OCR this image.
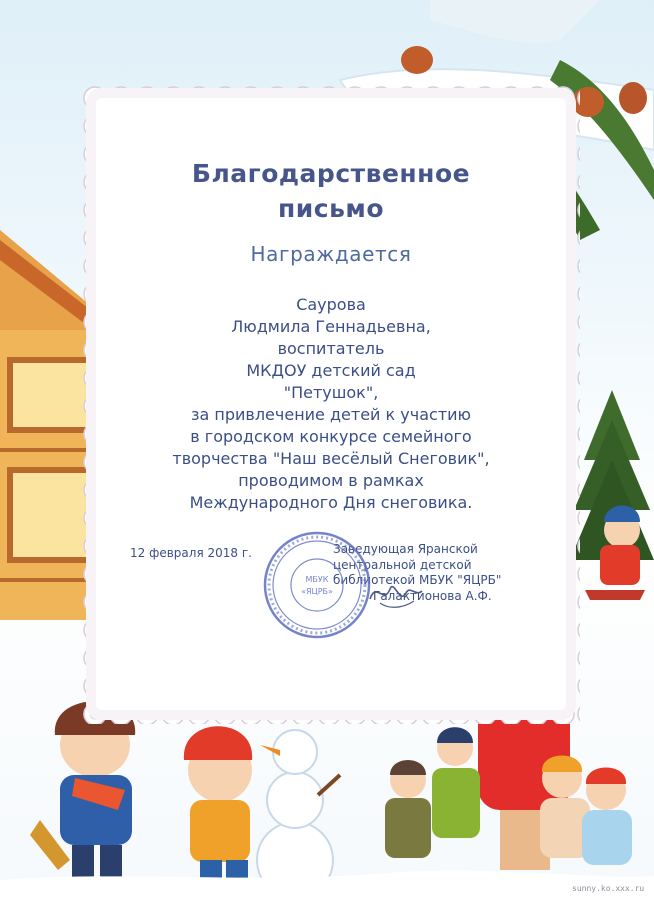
Благодарственное
письмо
Награждается
Саурова
Людмила Геннадьевна,
воспитатель
МКДОУ детский сад
"Петушок",
за привлечение детей к участию
в городском конкурсе семейного
творчества "Наш весёлый Снеговик",
проводимом в рамках
Международного Дня снеговика.
12 февраля 2018 г.	Заведующая Яранской
центральной детской
библиотекой МБУК "ЯЦРБ"
Галактионова А.Ф.
МБУК
«ЯЦРБ»
sunny.ko.xxx.ru
